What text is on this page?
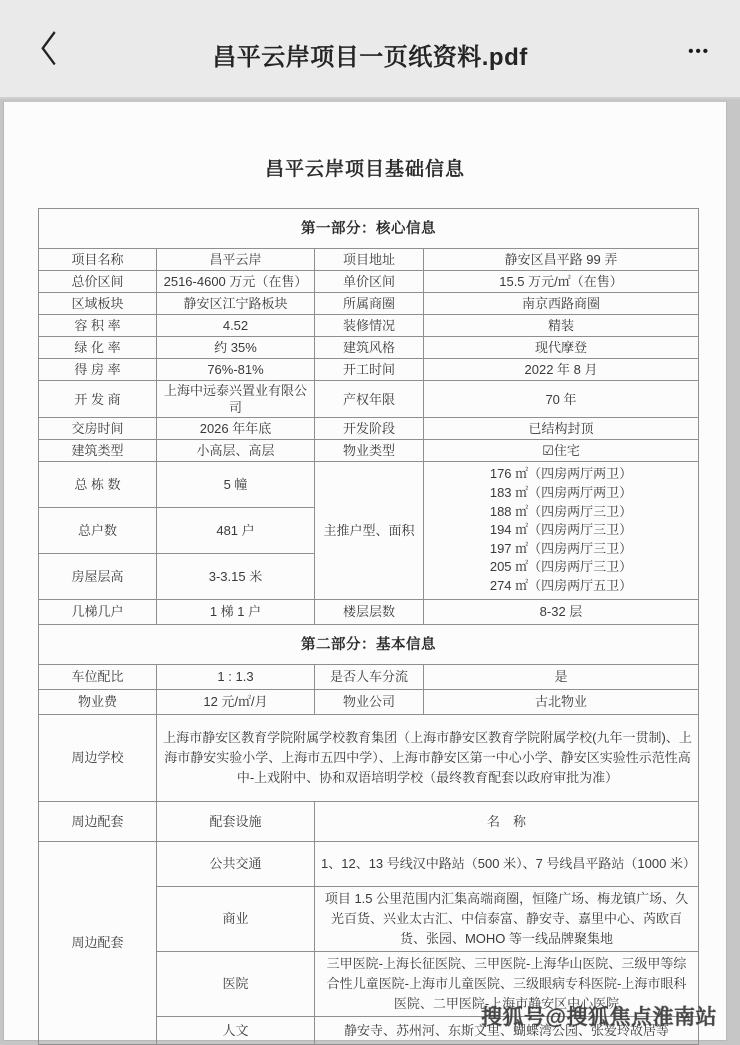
〈	昌平云岸项目一页纸资料.pdf	•••
昌平云岸项目基础信息
第一部分：核心信息			
项目名称	昌平云岸	项目地址	静安区昌平路 99 弄
总价区间	2516-4600 万元（在售）	单价区间	15.5 万元/㎡（在售）
区域板块	静安区江宁路板块	所属商圈	南京西路商圈
容 积 率	4.52	装修情况	精装
绿 化 率	约 35%	建筑风格	现代摩登
得 房 率	76%-81%	开工时间	2022 年 8 月
开 发 商	上海中远泰兴置业有限公司	产权年限	70 年
交房时间	2026 年年底	开发阶段	已结构封顶
建筑类型	小高层、高层	物业类型	☑住宅
总 栋 数	5 幢	主推户型、面积	
176 ㎡（四房两厅两卫）
183 ㎡（四房两厅两卫）
188 ㎡（四房两厅三卫）
194 ㎡（四房两厅三卫）
197 ㎡（四房两厅三卫）
205 ㎡（四房两厅三卫）
274 ㎡（四房两厅五卫）

总户数	481 户		
房屋层高	3-3.15 米		
几梯几户	1 梯 1 户	楼层层数	8-32 层
第二部分：基本信息			
车位配比	1 : 1.3	是否人车分流	是
物业费	12 元/㎡/月	物业公司	古北物业
周边学校	上海市静安区教育学院附属学校教育集团（上海市静安区教育学院附属学校(九年一贯制)、上海市静安实验小学、上海市五四中学）、上海市静安区第一中心小学、静安区实验性示范性高中-上戏附中、协和双语培明学校（最终教育配套以政府审批为准）		
周边配套	配套设施	名　称	
周边配套	公共交通	1、12、13 号线汉中路站（500 米）、7 号线昌平路站（1000 米）	
	商业	项目 1.5 公里范围内汇集高端商圈，恒隆广场、梅龙镇广场、久光百货、兴业太古汇、中信泰富、静安寺、嘉里中心、芮欧百货、张园、MOHO 等一线品牌聚集地	
	医院	三甲医院-上海长征医院、三甲医院-上海华山医院、三级甲等综合性儿童医院-上海市儿童医院、三级眼病专科医院-上海市眼科医院、二甲医院-上海市静安区中心医院	
	人文	静安寺、苏州河、东斯文里、蝴蝶湾公园、张爱玲故居等	
搜狐号@搜狐焦点淮南站
